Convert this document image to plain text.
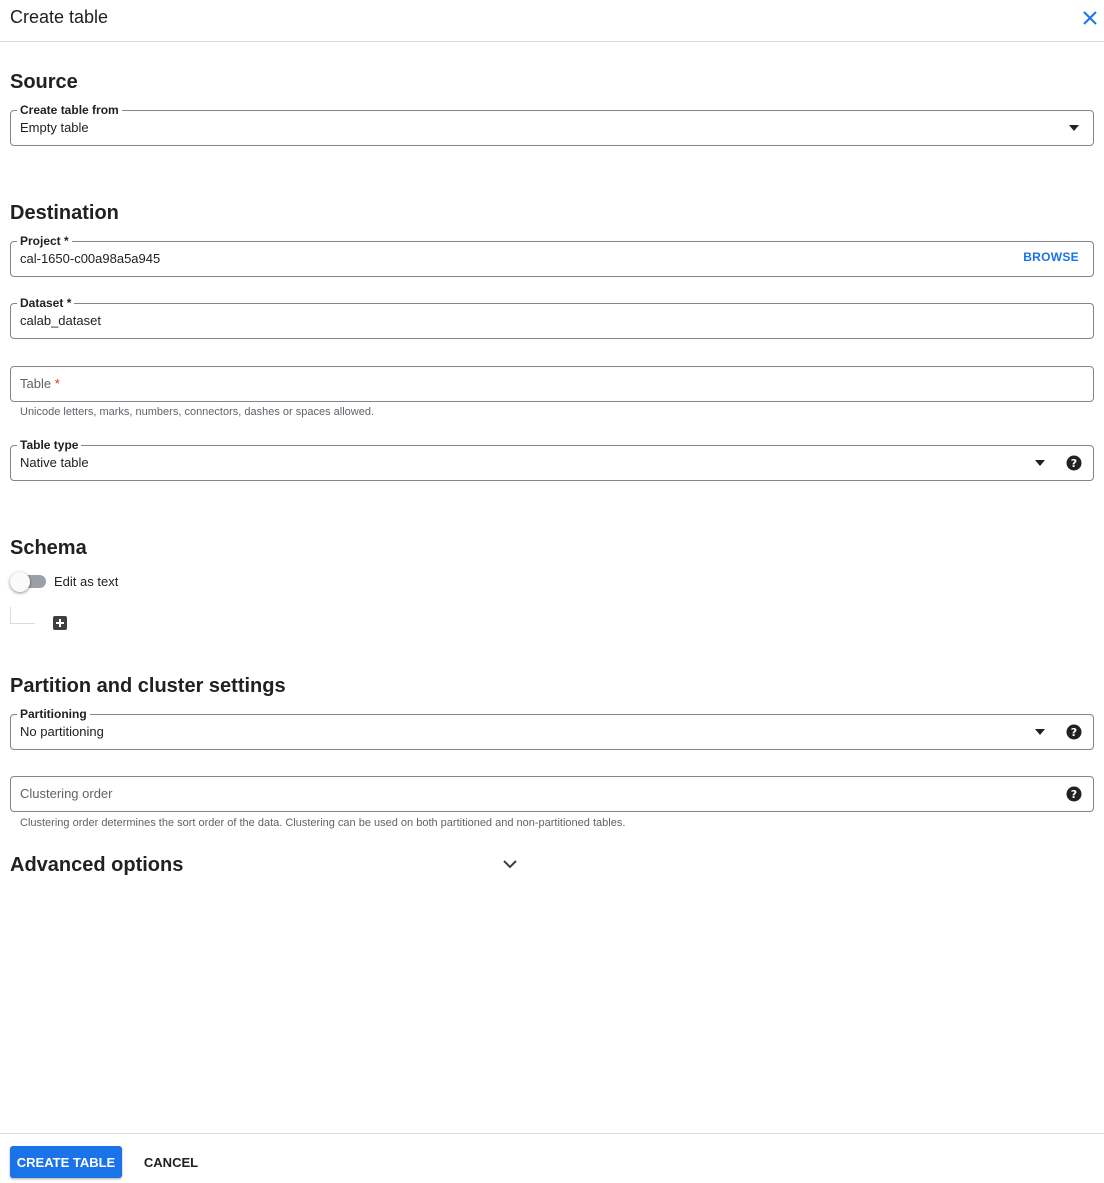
Create table
Source
Create table from
Empty table
Destination
Project *
cal-1650-c00a98a5a945	BROWSE
Dataset *
calab_dataset
Table *
Unicode letters, marks, numbers, connectors, dashes or spaces allowed.
Table type
Native table	?
Schema
Edit as text
Partition and cluster settings
Partitioning
No partitioning	?
Clustering order	?
Clustering order determines the sort order of the data. Clustering can be used on both partitioned and non-partitioned tables.
Advanced options
CREATE TABLE	CANCEL
